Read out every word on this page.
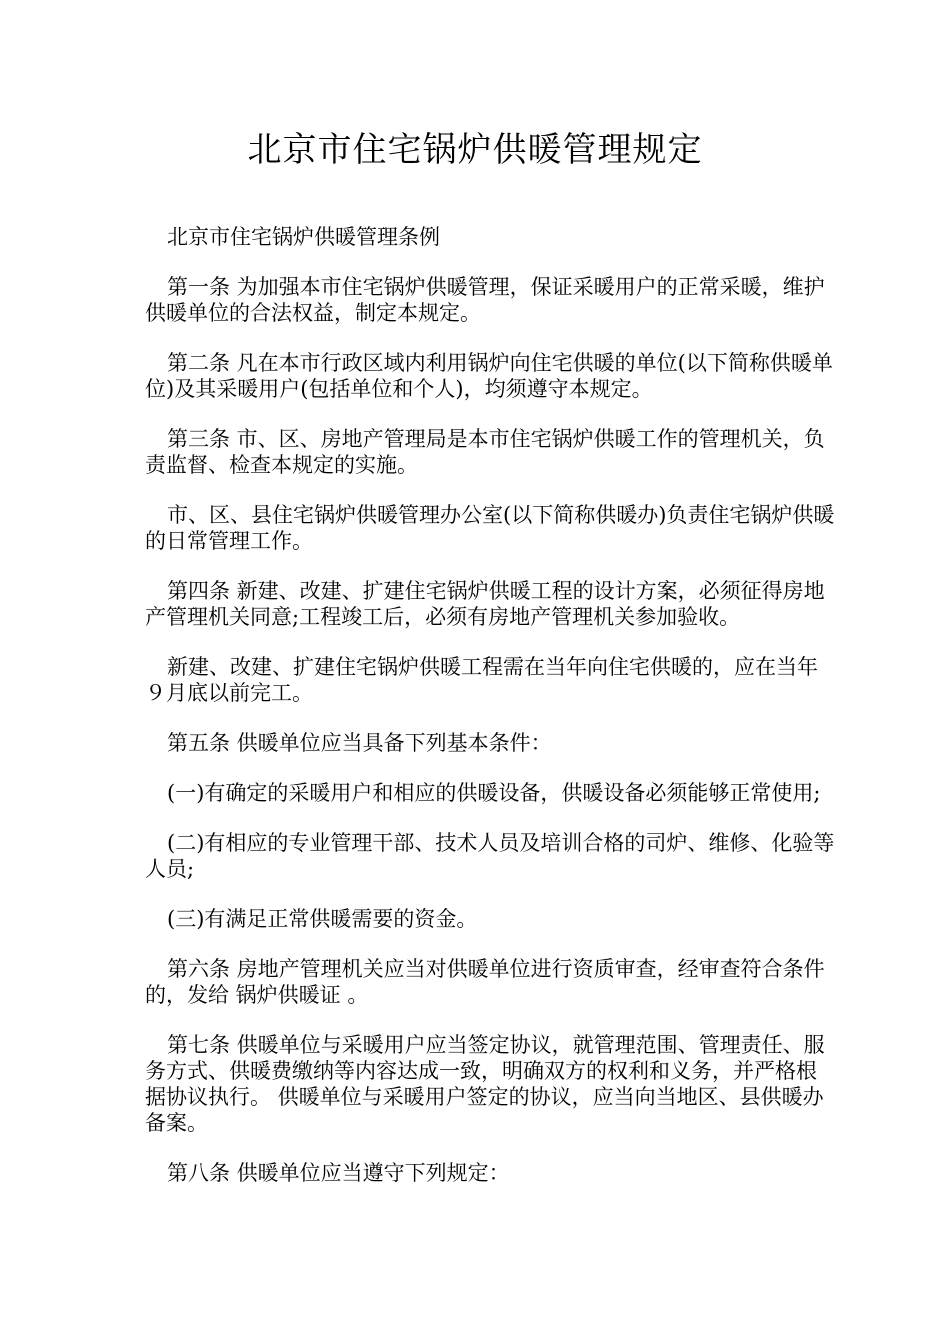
北京市住宅锅炉供暖管理规定

北京市住宅锅炉供暖管理条例

第一条 为加强本市住宅锅炉供暖管理，保证采暖用户的正常采暖，维护供暖单位的合法权益，制定本规定。

第二条 凡在本市行政区域内利用锅炉向住宅供暖的单位(以下简称供暖单位)及其采暖用户(包括单位和个人)，均须遵守本规定。

第三条 市、区、房地产管理局是本市住宅锅炉供暖工作的管理机关，负责监督、检查本规定的实施。

市、区、县住宅锅炉供暖管理办公室(以下简称供暖办)负责住宅锅炉供暖的日常管理工作。

第四条 新建、改建、扩建住宅锅炉供暖工程的设计方案，必须征得房地产管理机关同意;工程竣工后，必须有房地产管理机关参加验收。

新建、改建、扩建住宅锅炉供暖工程需在当年向住宅供暖的，应在当年９月底以前完工。

第五条 供暖单位应当具备下列基本条件：

(一)有确定的采暖用户和相应的供暖设备，供暖设备必须能够正常使用;

(二)有相应的专业管理干部、技术人员及培训合格的司炉、维修、化验等人员;

(三)有满足正常供暖需要的资金。

第六条 房地产管理机关应当对供暖单位进行资质审查，经审查符合条件的，发给 锅炉供暖证 。

第七条 供暖单位与采暖用户应当签定协议，就管理范围、管理责任、服务方式、供暖费缴纳等内容达成一致，明确双方的权利和义务，并严格根据协议执行。 供暖单位与采暖用户签定的协议，应当向当地区、县供暖办备案。

第八条 供暖单位应当遵守下列规定：
